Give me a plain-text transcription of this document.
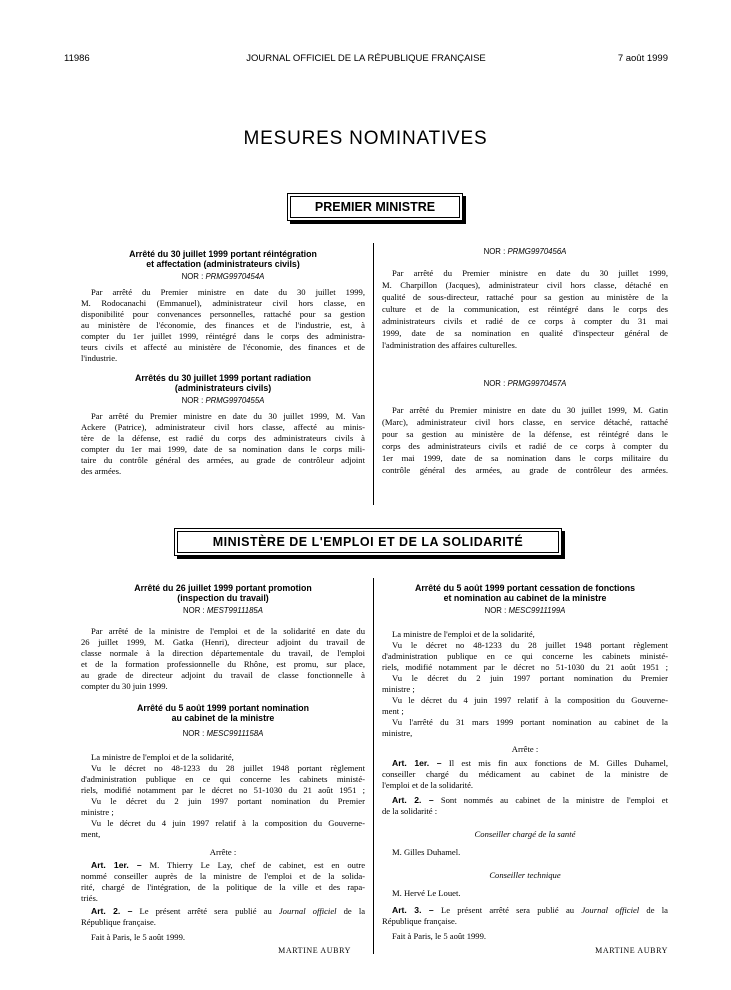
11986	JOURNAL OFFICIEL DE LA RÉPUBLIQUE FRANÇAISE	7 août 1999
MESURES NOMINATIVES
PREMIER MINISTRE
Arrêté du 30 juillet 1999 portant réintégration
et affectation (administrateurs civils)
NOR : PRMG9970454A
Par arrêté du Premier ministre en date du 30 juillet 1999,
M. Rodocanachi (Emmanuel), administrateur civil hors classe, en
disponibilité pour convenances personnelles, rattaché pour sa gestion
au ministère de l'économie, des finances et de l'industrie, est, à
compter du 1er juillet 1999, réintégré dans le corps des administra-
teurs civils et affecté au ministère de l'économie, des finances et de
l'industrie.
Arrêtés du 30 juillet 1999 portant radiation
(administrateurs civils)
NOR : PRMG9970455A
Par arrêté du Premier ministre en date du 30 juillet 1999, M. Van
Ackere (Patrice), administrateur civil hors classe, affecté au minis-
tère de la défense, est radié du corps des administrateurs civils à
compter du 1er mai 1999, date de sa nomination dans le corps mili-
taire du contrôle général des armées, au grade de contrôleur adjoint
des armées.
NOR : PRMG9970456A
Par arrêté du Premier ministre en date du 30 juillet 1999,
M. Charpillon (Jacques), administrateur civil hors classe, détaché en
qualité de sous-directeur, rattaché pour sa gestion au ministère de la
culture et de la communication, est réintégré dans le corps des
administrateurs civils et radié de ce corps à compter du 31 mai
1999, date de sa nomination en qualité d'inspecteur général de
l'administration des affaires culturelles.
NOR : PRMG9970457A
Par arrêté du Premier ministre en date du 30 juillet 1999, M. Gatin
(Marc), administrateur civil hors classe, en service détaché, rattaché
pour sa gestion au ministère de la défense, est réintégré dans le
corps des administrateurs civils et radié de ce corps à compter du
1er mai 1999, date de sa nomination dans le corps militaire du
contrôle général des armées, au grade de contrôleur des armées.
MINISTÈRE DE L'EMPLOI ET DE LA SOLIDARITÉ
Arrêté du 26 juillet 1999 portant promotion
(inspection du travail)
NOR : MEST9911185A
Par arrêté de la ministre de l'emploi et de la solidarité en date du
26 juillet 1999, M. Gatka (Henri), directeur adjoint du travail de
classe normale à la direction départementale du travail, de l'emploi
et de la formation professionnelle du Rhône, est promu, sur place,
au grade de directeur adjoint du travail de classe fonctionnelle à
compter du 30 juin 1999.
Arrêté du 5 août 1999 portant nomination
au cabinet de la ministre
NOR : MESC9911158A
La ministre de l'emploi et de la solidarité,
Vu le décret no 48-1233 du 28 juillet 1948 portant règlement
d'administration publique en ce qui concerne les cabinets ministé-
riels, modifié notamment par le décret no 51-1030 du 21 août 1951 ;
Vu le décret du 2 juin 1997 portant nomination du Premier
ministre ;
Vu le décret du 4 juin 1997 relatif à la composition du Gouverne-
ment,
Arrête :
Art. 1er. – M. Thierry Le Lay, chef de cabinet, est en outre
nommé conseiller auprès de la ministre de l'emploi et de la solida-
rité, chargé de l'intégration, de la politique de la ville et des rapa-
triés.
Art. 2. – Le présent arrêté sera publié au Journal officiel de la
République française.
Fait à Paris, le 5 août 1999.
MARTINE AUBRY
Arrêté du 5 août 1999 portant cessation de fonctions
et nomination au cabinet de la ministre
NOR : MESC9911199A
La ministre de l'emploi et de la solidarité,
Vu le décret no 48-1233 du 28 juillet 1948 portant règlement
d'administration publique en ce qui concerne les cabinets ministé-
riels, modifié notamment par le décret no 51-1030 du 21 août 1951 ;
Vu le décret du 2 juin 1997 portant nomination du Premier
ministre ;
Vu le décret du 4 juin 1997 relatif à la composition du Gouverne-
ment ;
Vu l'arrêté du 31 mars 1999 portant nomination au cabinet de la
ministre,
Arrête :
Art. 1er. – Il est mis fin aux fonctions de M. Gilles Duhamel,
conseiller chargé du médicament au cabinet de la ministre de
l'emploi et de la solidarité.
Art. 2. – Sont nommés au cabinet de la ministre de l'emploi et
de la solidarité :
Conseiller chargé de la santé
M. Gilles Duhamel.
Conseiller technique
M. Hervé Le Louet.
Art. 3. – Le présent arrêté sera publié au Journal officiel de la
République française.
Fait à Paris, le 5 août 1999.
MARTINE AUBRY
